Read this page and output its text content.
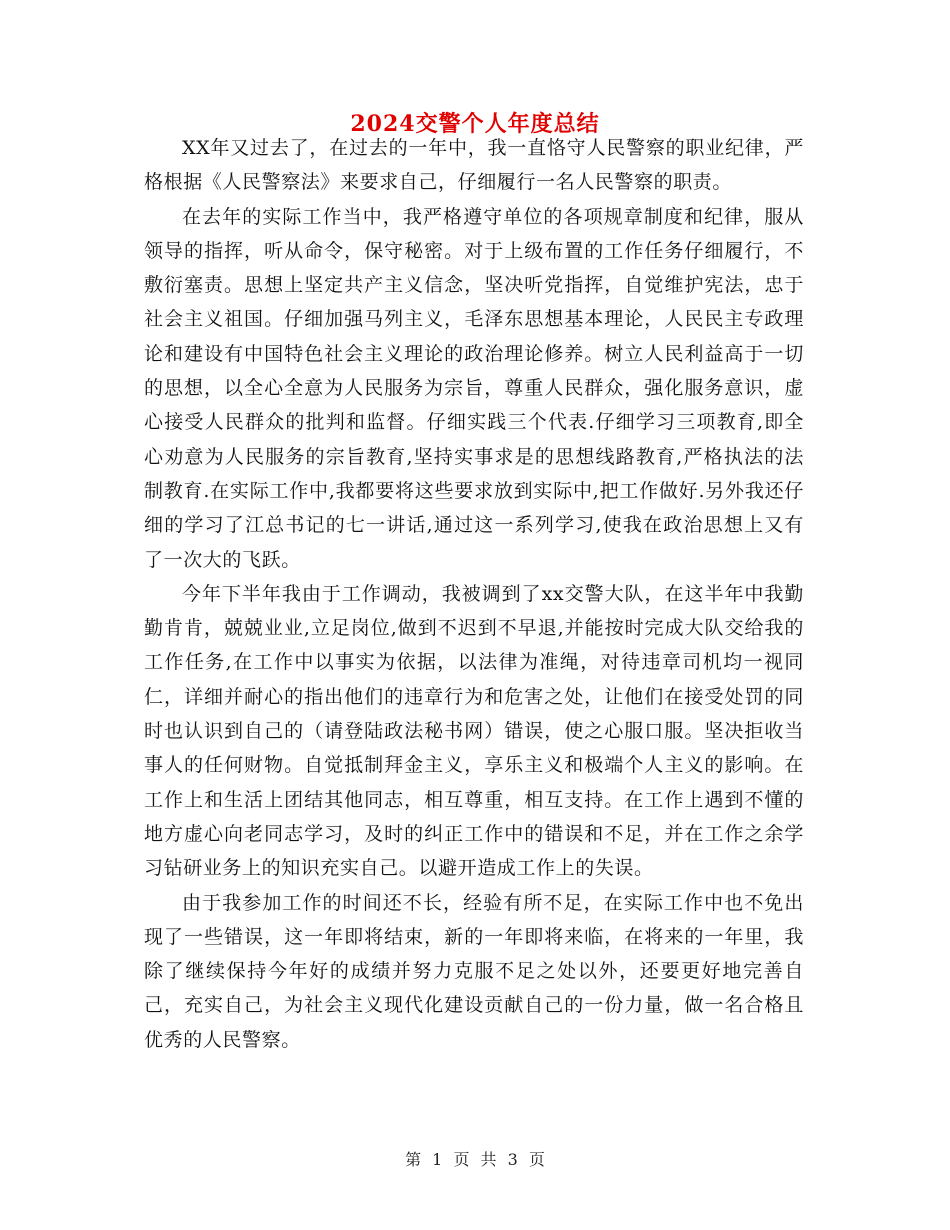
2024交警个人年度总结

XX年又过去了，在过去的一年中，我一直恪守人民警察的职业纪律，严格根据《人民警察法》来要求自己，仔细履行一名人民警察的职责。

在去年的实际工作当中，我严格遵守单位的各项规章制度和纪律，服从领导的指挥，听从命令，保守秘密。对于上级布置的工作任务仔细履行，不敷衍塞责。思想上坚定共产主义信念，坚决听党指挥，自觉维护宪法，忠于社会主义祖国。仔细加强马列主义，毛泽东思想基本理论，人民民主专政理论和建设有中国特色社会主义理论的政治理论修养。树立人民利益高于一切的思想，以全心全意为人民服务为宗旨，尊重人民群众，强化服务意识，虚心接受人民群众的批判和监督。仔细实践三个代表.仔细学习三项教育,即全心劝意为人民服务的宗旨教育,坚持实事求是的思想线路教育,严格执法的法制教育.在实际工作中,我都要将这些要求放到实际中,把工作做好.另外我还仔细的学习了江总书记的七一讲话,通过这一系列学习,使我在政治思想上又有了一次大的飞跃。

今年下半年我由于工作调动，我被调到了xx交警大队，在这半年中我勤勤肯肯，兢兢业业,立足岗位,做到不迟到不早退,并能按时完成大队交给我的工作任务,在工作中以事实为依据，以法律为准绳，对待违章司机均一视同仁，详细并耐心的指出他们的违章行为和危害之处，让他们在接受处罚的同时也认识到自己的（请登陆政法秘书网）错误，使之心服口服。坚决拒收当事人的任何财物。自觉抵制拜金主义，享乐主义和极端个人主义的影响。在工作上和生活上团结其他同志，相互尊重，相互支持。在工作上遇到不懂的地方虚心向老同志学习，及时的纠正工作中的错误和不足，并在工作之余学习钻研业务上的知识充实自己。以避开造成工作上的失误。

由于我参加工作的时间还不长，经验有所不足，在实际工作中也不免出现了一些错误，这一年即将结束，新的一年即将来临，在将来的一年里，我除了继续保持今年好的成绩并努力克服不足之处以外，还要更好地完善自己，充实自己，为社会主义现代化建设贡献自己的一份力量，做一名合格且优秀的人民警察。

第 1 页 共 3 页
